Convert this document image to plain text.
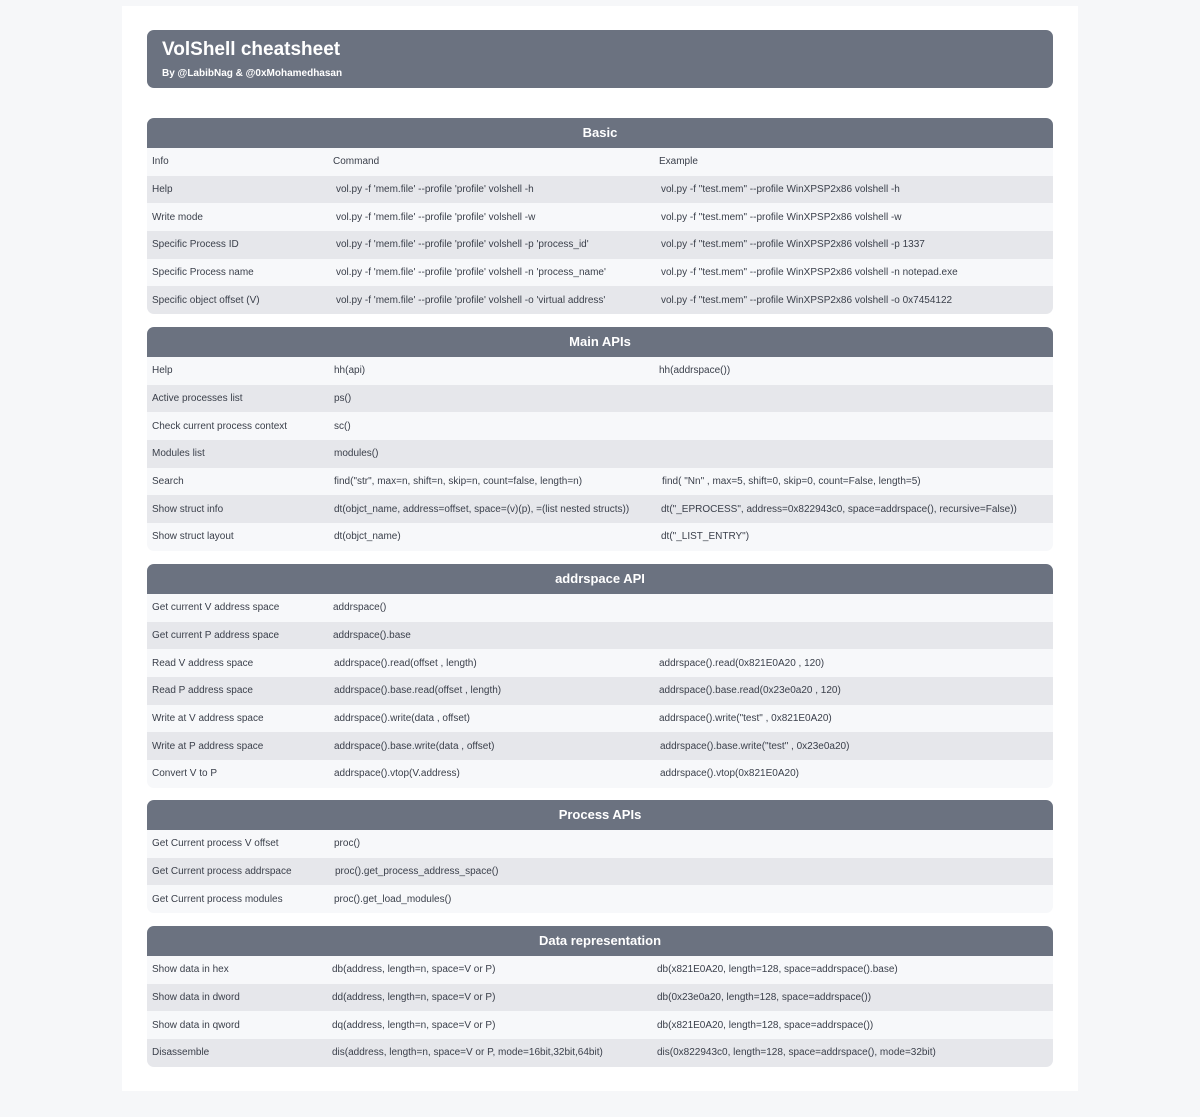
VolShell cheatsheet
By @LabibNag & @0xMohamedhasan
Basic
Info	Command	Example
Help	vol.py -f 'mem.file' --profile 'profile' volshell -h	vol.py -f "test.mem" --profile WinXPSP2x86 volshell -h
Write mode	vol.py -f 'mem.file' --profile 'profile' volshell -w	vol.py -f "test.mem" --profile WinXPSP2x86 volshell -w
Specific Process ID	vol.py -f 'mem.file' --profile 'profile' volshell -p 'process_id'	vol.py -f "test.mem" --profile WinXPSP2x86 volshell -p 1337
Specific Process name	vol.py -f 'mem.file' --profile 'profile' volshell -n 'process_name'	vol.py -f "test.mem" --profile WinXPSP2x86 volshell -n notepad.exe
Specific object offset (V)	vol.py -f 'mem.file' --profile 'profile' volshell -o 'virtual address'	vol.py -f "test.mem" --profile WinXPSP2x86 volshell -o 0x7454122
Main APIs
Help	hh(api)	hh(addrspace())
Active processes list	ps()
Check current process context	sc()
Modules list	modules()
Search	find("str", max=n, shift=n, skip=n, count=false, length=n)	find( "Nn" , max=5, shift=0, skip=0, count=False, length=5)
Show struct info	dt(objct_name, address=offset, space=(v)(p), =(list nested structs))	dt("_EPROCESS", address=0x822943c0, space=addrspace(), recursive=False))
Show struct layout	dt(objct_name)	dt("_LIST_ENTRY")
addrspace API
Get current V address space	addrspace()
Get current P address space	addrspace().base
Read V address space	addrspace().read(offset , length)	addrspace().read(0x821E0A20 , 120)
Read P address space	addrspace().base.read(offset , length)	addrspace().base.read(0x23e0a20 , 120)
Write at V address space	addrspace().write(data , offset)	addrspace().write("test" , 0x821E0A20)
Write at P address space	addrspace().base.write(data , offset)	addrspace().base.write("test" , 0x23e0a20)
Convert V to P	addrspace().vtop(V.address)	addrspace().vtop(0x821E0A20)
Process APIs
Get Current process V offset	proc()
Get Current process addrspace	proc().get_process_address_space()
Get Current process modules	proc().get_load_modules()
Data representation
Show data in hex	db(address, length=n, space=V or P)	db(x821E0A20, length=128, space=addrspace().base)
Show data in dword	dd(address, length=n, space=V or P)	db(0x23e0a20, length=128, space=addrspace())
Show data in qword	dq(address, length=n, space=V or P)	db(x821E0A20, length=128, space=addrspace())
Disassemble	dis(address, length=n, space=V or P, mode=16bit,32bit,64bit)	dis(0x822943c0, length=128, space=addrspace(), mode=32bit)
